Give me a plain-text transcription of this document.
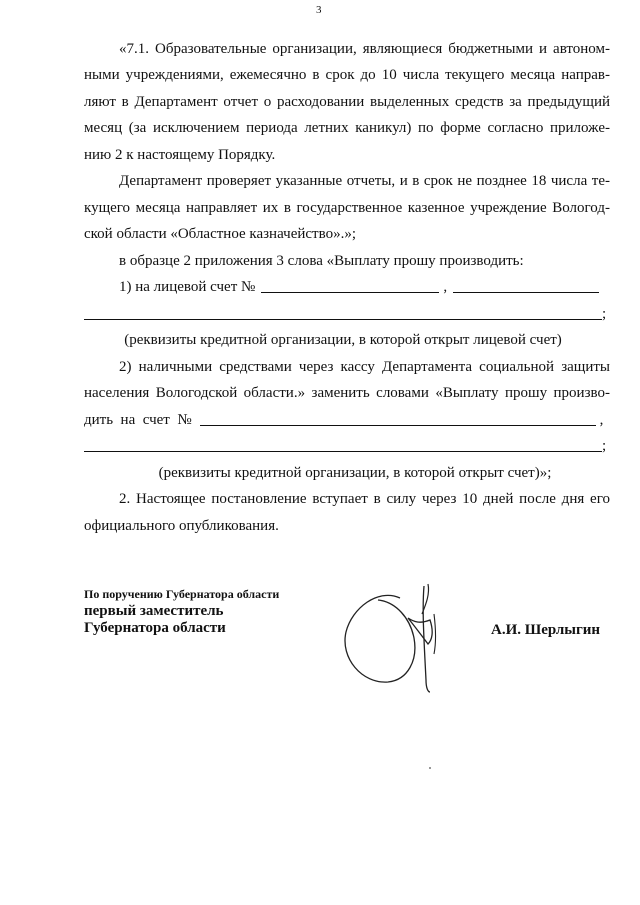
3
«7.1. Образовательные организации, являющиеся бюджетными и автоном-
ными учреждениями, ежемесячно в срок до 10 числа текущего месяца направ-
ляют в Департамент отчет о расходовании выделенных средств за предыдущий
месяц (за исключением периода летних каникул) по форме согласно приложе-
нию 2 к настоящему Порядку.
Департамент проверяет указанные отчеты, и в срок не позднее 18 числа те-
кущего месяца направляет их в государственное казенное учреждение Вологод-
ской области «Областное казначейство».»;
в образце 2 приложения 3 слова «Выплату прошу производить:
1) на лицевой счет №	,
;
(реквизиты кредитной организации, в которой открыт лицевой счет)
2) наличными средствами через кассу Департамента социальной защиты
населения Вологодской области.» заменить словами «Выплату прошу произво-
дить  на  счет  №	,
;
(реквизиты кредитной организации, в которой открыт счет)»;
2. Настоящее постановление вступает в силу через 10 дней после дня его
официального опубликования.
По поручению Губернатора области
первый заместитель
Губернатора области	А.И. Шерлыгин
